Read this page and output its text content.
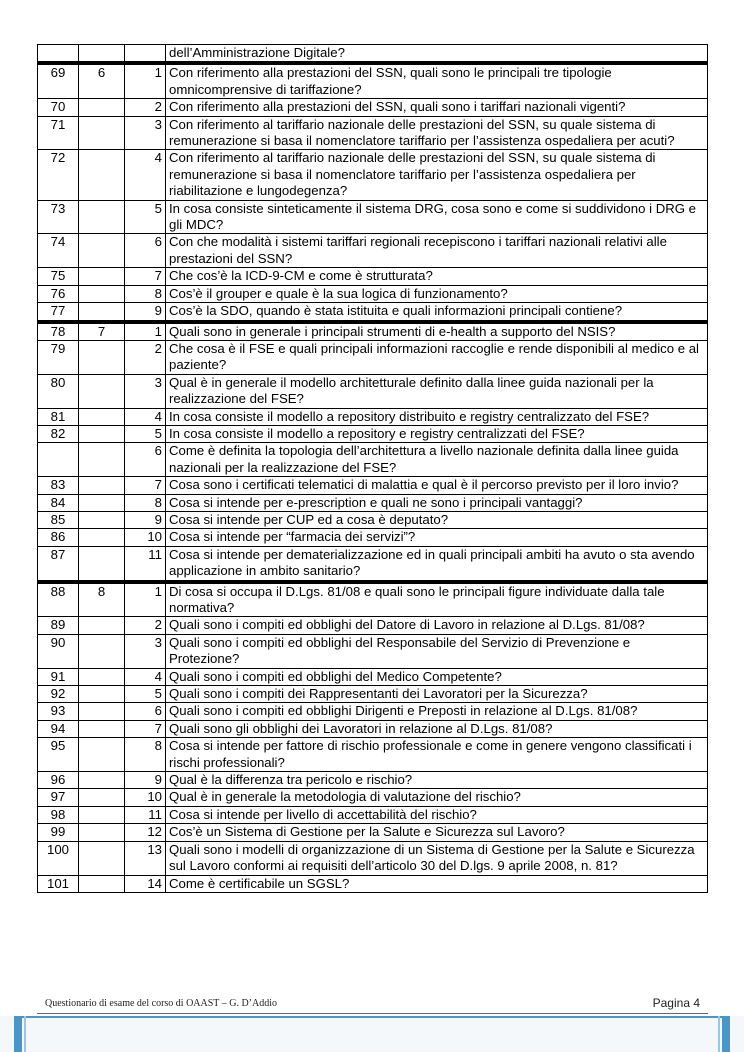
			dell’Amministrazione Digitale?
69	6	1	Con riferimento alla prestazioni del SSN, quali sono le principali tre tipologie omnicomprensive di tariffazione?
70		2	Con riferimento alla prestazioni del SSN, quali sono i tariffari nazionali vigenti?
71		3	Con riferimento al tariffario nazionale delle prestazioni del SSN, su quale sistema di remunerazione si basa il nomenclatore tariffario per l’assistenza ospedaliera per acuti?
72		4	Con riferimento al tariffario nazionale delle prestazioni del SSN, su quale sistema di remunerazione si basa il nomenclatore tariffario per l’assistenza ospedaliera per riabilitazione e lungodegenza?
73		5	In cosa consiste sinteticamente il sistema DRG, cosa sono e come si suddividono i DRG e gli MDC?
74		6	Con che modalità i sistemi tariffari regionali recepiscono i tariffari nazionali relativi alle prestazioni del SSN?
75		7	Che cos’è la ICD-9-CM e come è strutturata?
76		8	Cos’è il grouper e quale è la sua logica di funzionamento?
77		9	Cos’è la SDO, quando è stata istituita e quali informazioni principali contiene?
78	7	1	Quali sono in generale i principali strumenti di e-health a supporto del NSIS?
79		2	Che cosa è il FSE e quali principali informazioni raccoglie e rende disponibili al medico e al paziente?
80		3	Qual è in generale il modello architetturale definito dalla linee guida nazionali per la realizzazione del FSE?
81		4	In cosa consiste il modello a repository distribuito e registry centralizzato del FSE?
82		5	In cosa consiste il modello a repository e registry centralizzati del FSE?
		6	Come è definita la topologia dell’architettura a livello nazionale definita dalla linee guida nazionali per la realizzazione del FSE?
83		7	Cosa sono i certificati telematici di malattia e qual è il percorso previsto per il loro invio?
84		8	Cosa si intende per e-prescription e quali ne sono i principali vantaggi?
85		9	Cosa si intende per CUP ed a cosa è deputato?
86		10	Cosa si intende per “farmacia dei servizi”?
87		11	Cosa si intende per dematerializzazione ed in quali principali ambiti ha avuto o sta avendo applicazione in ambito sanitario?
88	8	1	Di cosa si occupa il D.Lgs. 81/08 e quali sono le principali figure individuate dalla tale normativa?
89		2	Quali sono i compiti ed obblighi del Datore di Lavoro in relazione al D.Lgs. 81/08?
90		3	Quali sono i compiti ed obblighi del Responsabile del Servizio di Prevenzione e Protezione?
91		4	Quali sono i compiti ed obblighi del Medico Competente?
92		5	Quali sono i compiti dei Rappresentanti dei Lavoratori per la Sicurezza?
93		6	Quali sono i compiti ed obblighi Dirigenti e Preposti in relazione al D.Lgs. 81/08?
94		7	Quali sono gli obblighi dei Lavoratori in relazione al D.Lgs. 81/08?
95		8	Cosa si intende per fattore di rischio professionale e come in genere vengono classificati i rischi professionali?
96		9	Qual è la differenza tra pericolo e rischio?
97		10	Qual è in generale la metodologia di valutazione del rischio?
98		11	Cosa si intende per livello di accettabilità del rischio?
99		12	Cos’è un Sistema di Gestione per la Salute e Sicurezza sul Lavoro?
100		13	Quali sono i modelli di organizzazione di un Sistema di Gestione per la Salute e Sicurezza sul Lavoro conformi ai requisiti dell’articolo 30 del D.lgs. 9 aprile 2008, n. 81?
101		14	Come è certificabile un SGSL?
Questionario di esame del corso di OAAST – G. D’Addio	Pagina 4
